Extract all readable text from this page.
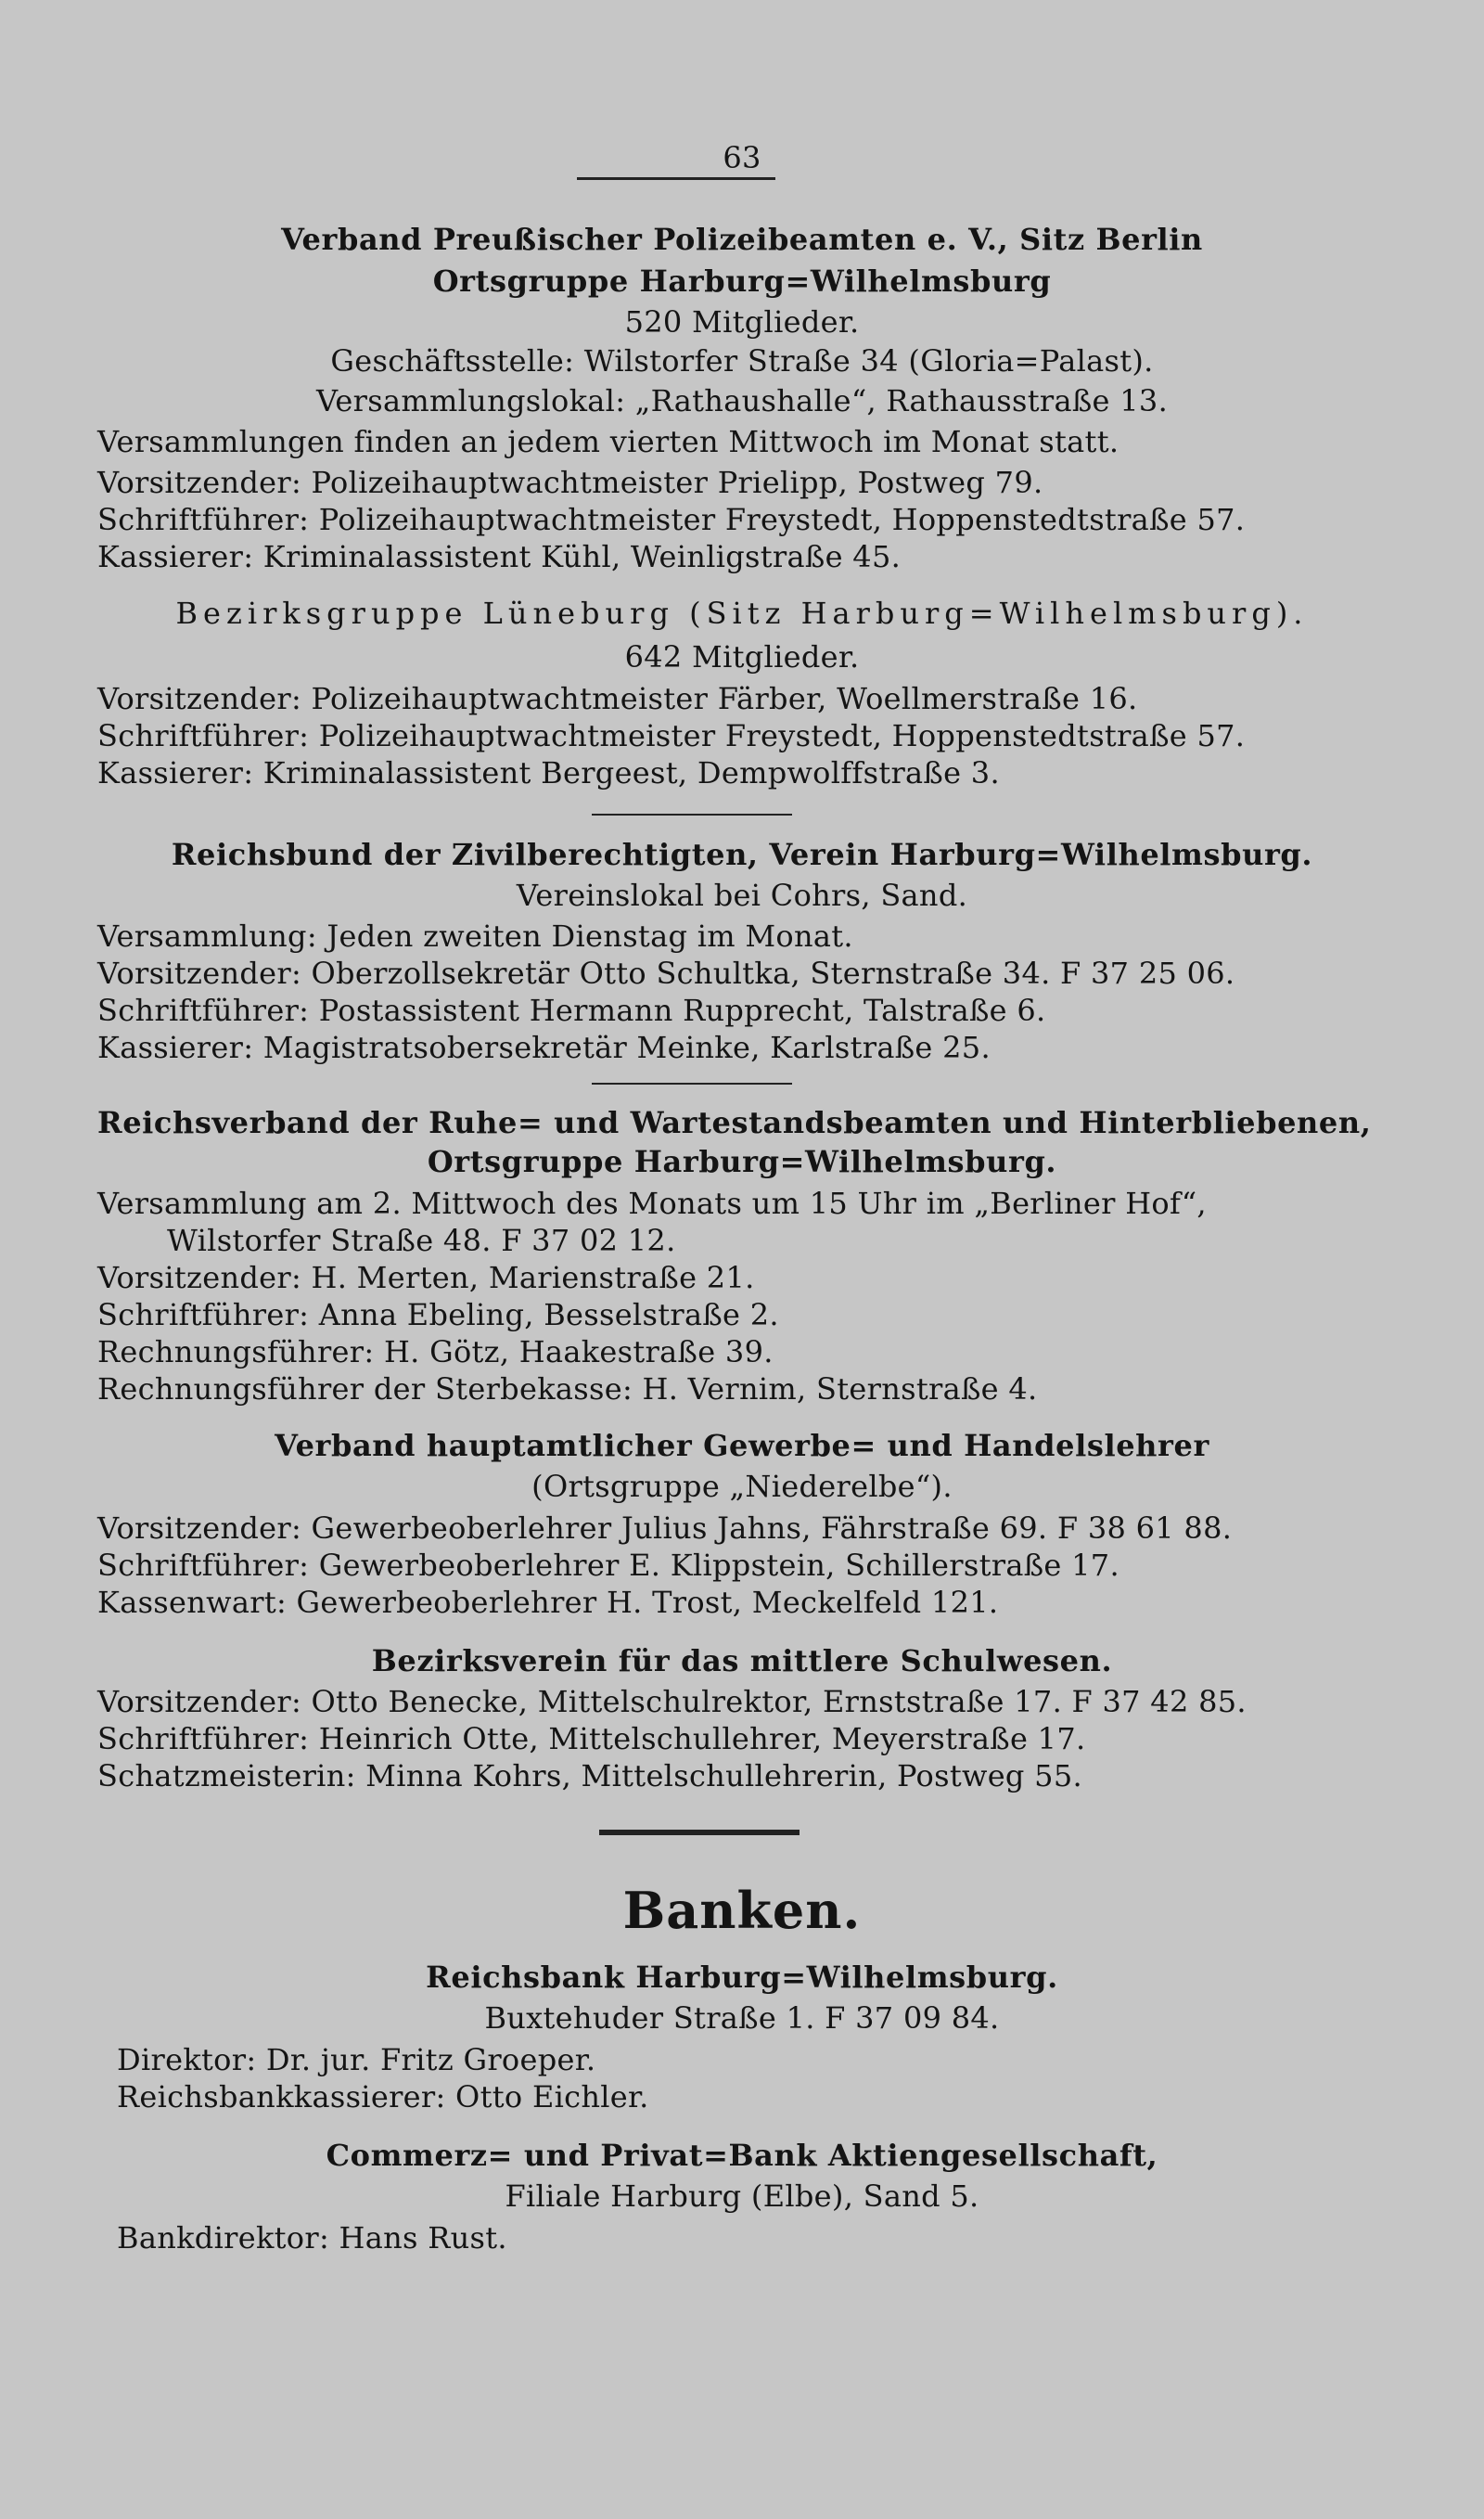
63
Verband Preußischer Polizeibeamten e. V., Sitz Berlin
Ortsgruppe Harburg=Wilhelmsburg
520 Mitglieder.
Geschäftsstelle: Wilstorfer Straße 34 (Gloria=Palast).
Versammlungslokal: „Rathaushalle“, Rathausstraße 13.
Versammlungen finden an jedem vierten Mittwoch im Monat statt.
Vorsitzender: Polizeihauptwachtmeister Prielipp, Postweg 79.
Schriftführer: Polizeihauptwachtmeister Freystedt, Hoppenstedtstraße 57.
Kassierer: Kriminalassistent Kühl, Weinligstraße 45.
Bezirksgruppe Lüneburg (Sitz Harburg=Wilhelmsburg).
642 Mitglieder.
Vorsitzender: Polizeihauptwachtmeister Färber, Woellmerstraße 16.
Schriftführer: Polizeihauptwachtmeister Freystedt, Hoppenstedtstraße 57.
Kassierer: Kriminalassistent Bergeest, Dempwolffstraße 3.
Reichsbund der Zivilberechtigten, Verein Harburg=Wilhelmsburg.
Vereinslokal bei Cohrs, Sand.
Versammlung: Jeden zweiten Dienstag im Monat.
Vorsitzender: Oberzollsekretär Otto Schultka, Sternstraße 34. F 37 25 06.
Schriftführer: Postassistent Hermann Rupprecht, Talstraße 6.
Kassierer: Magistratsobersekretär Meinke, Karlstraße 25.
Reichsverband der Ruhe= und Wartestandsbeamten und Hinterbliebenen,
Ortsgruppe Harburg=Wilhelmsburg.
Versammlung am 2. Mittwoch des Monats um 15 Uhr im „Berliner Hof“,
Wilstorfer Straße 48. F 37 02 12.
Vorsitzender: H. Merten, Marienstraße 21.
Schriftführer: Anna Ebeling, Besselstraße 2.
Rechnungsführer: H. Götz, Haakestraße 39.
Rechnungsführer der Sterbekasse: H. Vernim, Sternstraße 4.
Verband hauptamtlicher Gewerbe= und Handelslehrer
(Ortsgruppe „Niederelbe“).
Vorsitzender: Gewerbeoberlehrer Julius Jahns, Fährstraße 69. F 38 61 88.
Schriftführer: Gewerbeoberlehrer E. Klippstein, Schillerstraße 17.
Kassenwart: Gewerbeoberlehrer H. Trost, Meckelfeld 121.
Bezirksverein für das mittlere Schulwesen.
Vorsitzender: Otto Benecke, Mittelschulrektor, Ernststraße 17. F 37 42 85.
Schriftführer: Heinrich Otte, Mittelschullehrer, Meyerstraße 17.
Schatzmeisterin: Minna Kohrs, Mittelschullehrerin, Postweg 55.
Banken.
Reichsbank Harburg=Wilhelmsburg.
Buxtehuder Straße 1. F 37 09 84.
Direktor: Dr. jur. Fritz Groeper.
Reichsbankkassierer: Otto Eichler.
Commerz= und Privat=Bank Aktiengesellschaft,
Filiale Harburg (Elbe), Sand 5.
Bankdirektor: Hans Rust.
